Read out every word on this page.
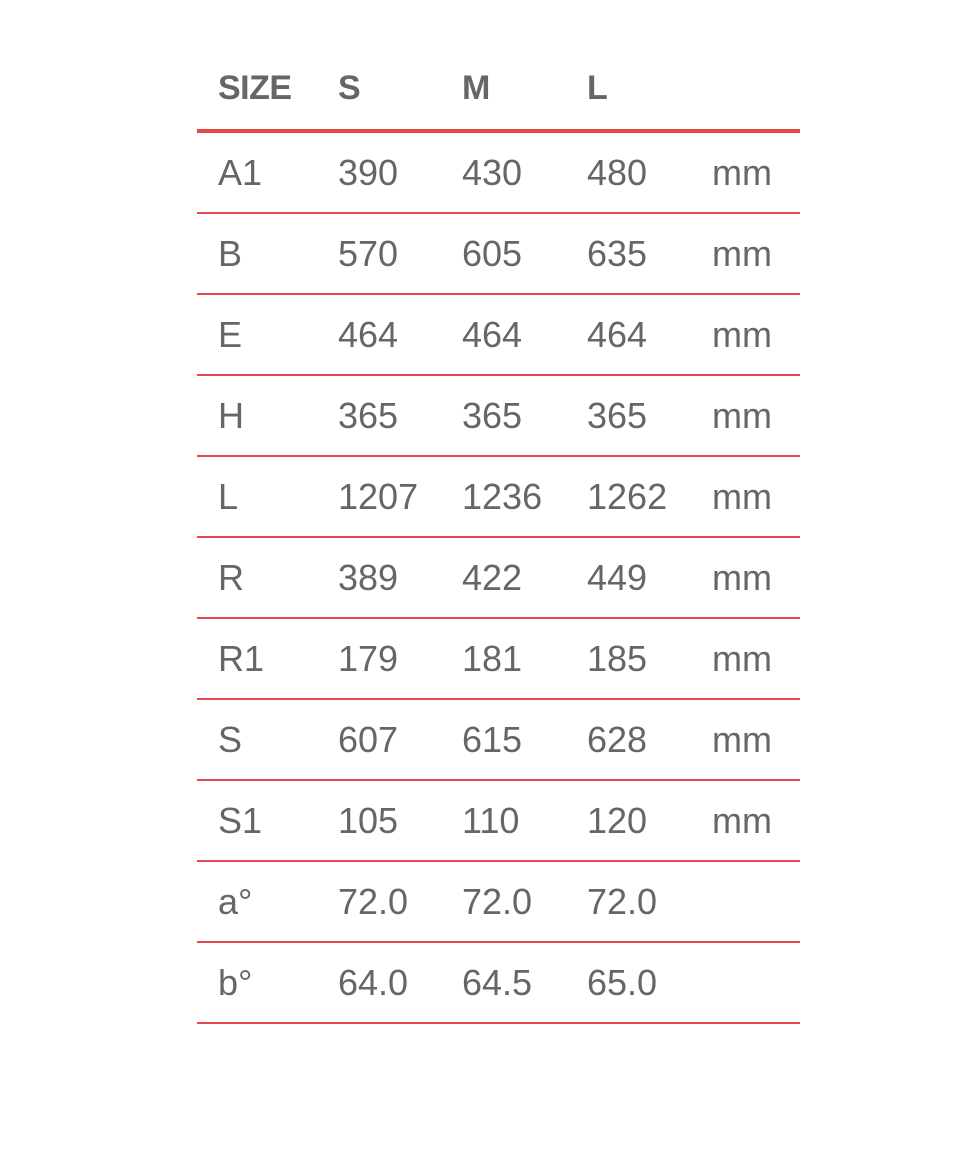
SIZE S	M	L
A1 390 430 480 mm
B	570 605 635 mm
E	464 464 464 mm
H	365 365 365 mm
L	1207 1236 1262 mm
R	389 422 449 mm
R1 179 181 185 mm
S	607 615 628 mm
S1 105 110 120 mm
a° 72.0 72.0 72.0
b° 64.0 64.5 65.0
